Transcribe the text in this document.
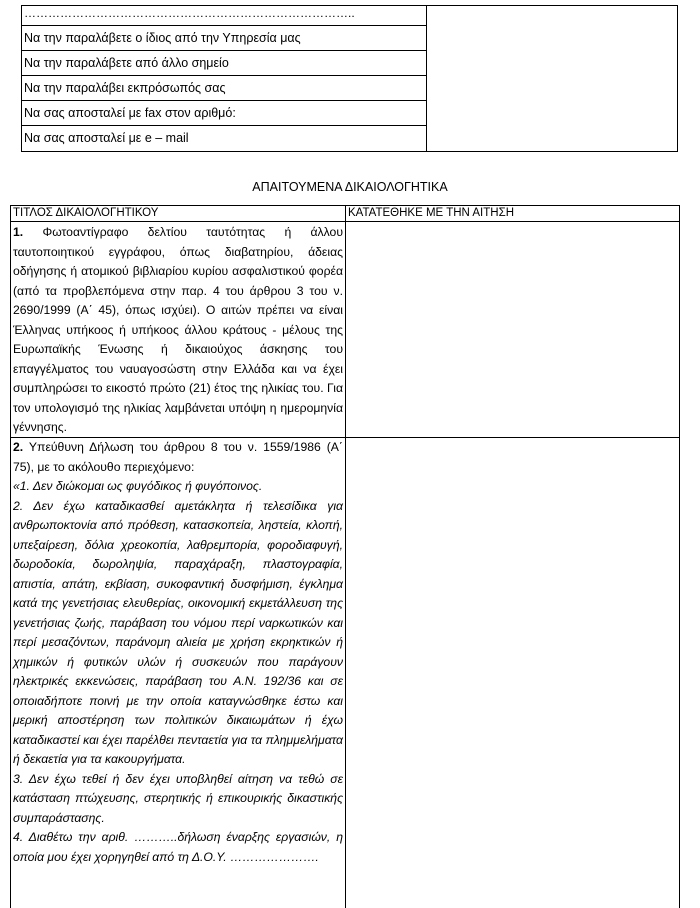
………………………………………………………………………..
Να την παραλάβετε ο ίδιος από την Υπηρεσία μας
Να την παραλάβετε από άλλο σημείο
Να την παραλάβει εκπρόσωπός σας
Να σας αποσταλεί με fax στον αριθμό:
Να σας αποσταλεί με e – mail
ΑΠΑΙΤΟΥΜΕΝΑ ΔΙΚΑΙΟΛΟΓΗΤΙΚΑ
ΤΙΤΛΟΣ ΔΙΚΑΙΟΛΟΓΗΤΙΚΟΥ	ΚΑΤΑΤΕΘΗΚΕ ΜΕ ΤΗΝ ΑΙΤΗΣΗ

1. Φωτοαντίγραφο δελτίου ταυτότητας ή άλλου ταυτοποιητικού εγγράφου, όπως διαβατηρίου, άδειας οδήγησης ή ατομικού βιβλιαρίου κυρίου ασφαλιστικού φορέα (από τα προβλεπόμενα στην παρ. 4 του άρθρου 3 του ν. 2690/1999 (Α΄ 45), όπως ισχύει). Ο αιτών πρέπει να είναι Έλληνας υπήκοος ή υπήκοος άλλου κράτους - μέλους της Ευρωπαϊκής Ένωσης ή δικαιούχος άσκησης του επαγγέλματος του ναυαγοσώστη στην Ελλάδα και να έχει συμπληρώσει το εικοστό πρώτο (21) έτος της ηλικίας του. Για τον υπολογισμό της ηλικίας λαμβάνεται υπόψη η ημερομηνία γέννησης.

2. Υπεύθυνη Δήλωση του άρθρου 8 του ν. 1559/1986 (Α΄ 75), με το ακόλουθο περιεχόμενο:

«1. Δεν διώκομαι ως φυγόδικος ή φυγόποινος.

2. Δεν έχω καταδικασθεί αμετάκλητα ή τελεσίδικα για ανθρωποκτονία από πρόθεση, κατασκοπεία, ληστεία, κλοπή, υπεξαίρεση, δόλια χρεοκοπία, λαθρεμπορία, φοροδιαφυγή, δωροδοκία, δωροληψία, παραχάραξη, πλαστογραφία, απιστία, απάτη, εκβίαση, συκοφαντική δυσφήμιση, έγκλημα κατά της γενετήσιας ελευθερίας, οικονομική εκμετάλλευση της γενετήσιας ζωής, παράβαση του νόμου περί ναρκωτικών και περί μεσαζόντων, παράνομη αλιεία με χρήση εκρηκτικών ή χημικών ή φυτικών υλών ή συσκευών που παράγουν ηλεκτρικές εκκενώσεις, παράβαση του Α.Ν. 192/36 και σε οποιαδήποτε ποινή με την οποία καταγνώσθηκε έστω και μερική αποστέρηση των πολιτικών δικαιωμάτων ή έχω καταδικαστεί και έχει παρέλθει πενταετία για τα πλημμελήματα ή δεκαετία για τα κακουργήματα.

3. Δεν έχω τεθεί ή δεν έχει υποβληθεί αίτηση να τεθώ σε κατάσταση πτώχευσης, στερητικής ή επικουρικής δικαστικής συμπαράστασης.

4. Διαθέτω την αριθ. ………..δήλωση έναρξης εργασιών, η οποία μου έχει χορηγηθεί από τη Δ.Ο.Υ. ………………….
